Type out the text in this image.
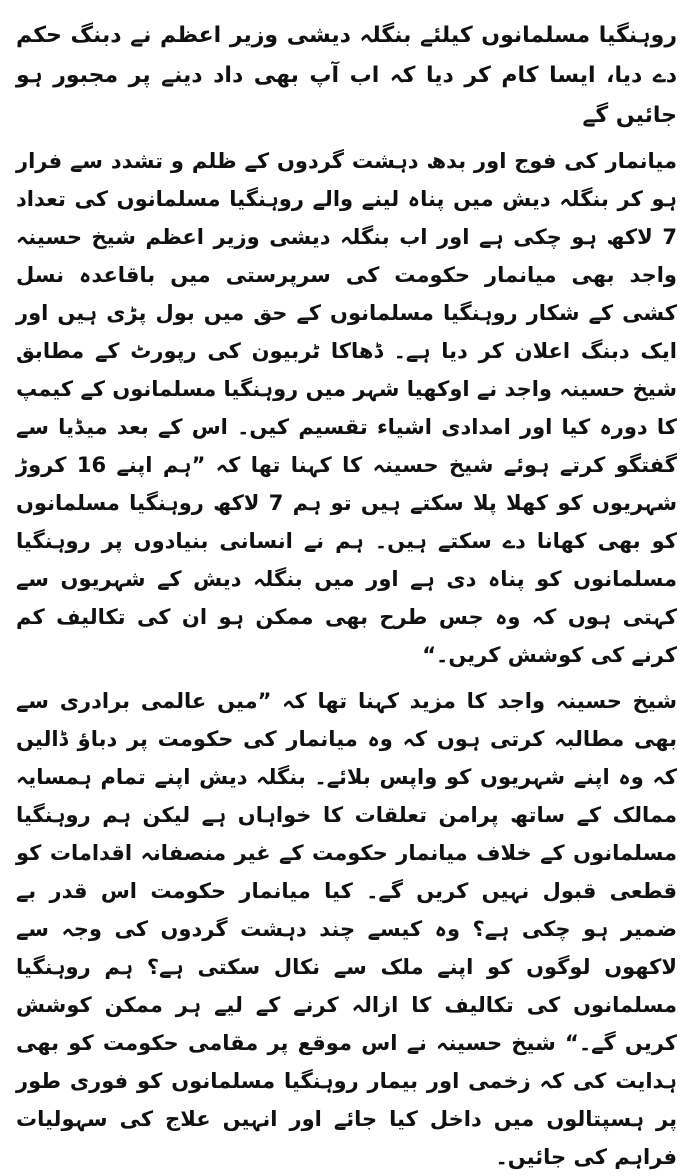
روہنگیا مسلمانوں کیلئے بنگلہ دیشی وزیر اعظم نے دبنگ حکم دے دیا، ایسا کام کر دیا کہ اب آپ بھی داد دینے پر مجبور ہو جائیں گے

میانمار کی فوج اور بدھ دہشت گردوں کے ظلم و تشدد سے فرار ہو کر بنگلہ دیش میں پناہ لینے والے روہنگیا مسلمانوں کی تعداد 7 لاکھ ہو چکی ہے اور اب بنگلہ دیشی وزیر اعظم شیخ حسینہ واجد بھی میانمار حکومت کی سرپرستی میں باقاعدہ نسل کشی کے شکار روہنگیا مسلمانوں کے حق میں بول پڑی ہیں اور ایک دبنگ اعلان کر دیا ہے۔ ڈھاکا ٹربیون کی رپورٹ کے مطابق شیخ حسینہ واجد نے اوکھیا شہر میں روہنگیا مسلمانوں کے کیمپ کا دورہ کیا اور امدادی اشیاء تقسیم کیں۔ اس کے بعد میڈیا سے گفتگو کرتے ہوئے شیخ حسینہ کا کہنا تھا کہ ”ہم اپنے 16 کروڑ شہریوں کو کھلا پلا سکتے ہیں تو ہم 7 لاکھ روہنگیا مسلمانوں کو بھی کھانا دے سکتے ہیں۔ ہم نے انسانی بنیادوں پر روہنگیا مسلمانوں کو پناہ دی ہے اور میں بنگلہ دیش کے شہریوں سے کہتی ہوں کہ وہ جس طرح بھی ممکن ہو ان کی تکالیف کم کرنے کی کوشش کریں۔“

شیخ حسینہ واجد کا مزید کہنا تھا کہ ”میں عالمی برادری سے بھی مطالبہ کرتی ہوں کہ وہ میانمار کی حکومت پر دباؤ ڈالیں کہ وہ اپنے شہریوں کو واپس بلائے۔ بنگلہ دیش اپنے تمام ہمسایہ ممالک کے ساتھ پرامن تعلقات کا خواہاں ہے لیکن ہم روہنگیا مسلمانوں کے خلاف میانمار حکومت کے غیر منصفانہ اقدامات کو قطعی قبول نہیں کریں گے۔ کیا میانمار حکومت اس قدر بے ضمیر ہو چکی ہے؟ وہ کیسے چند دہشت گردوں کی وجہ سے لاکھوں لوگوں کو اپنے ملک سے نکال سکتی ہے؟ ہم روہنگیا مسلمانوں کی تکالیف کا ازالہ کرنے کے لیے ہر ممکن کوشش کریں گے۔“ شیخ حسینہ نے اس موقع پر مقامی حکومت کو بھی ہدایت کی کہ زخمی اور بیمار روہنگیا مسلمانوں کو فوری طور پر ہسپتالوں میں داخل کیا جائے اور انہیں علاج کی سہولیات فراہم کی جائیں۔
